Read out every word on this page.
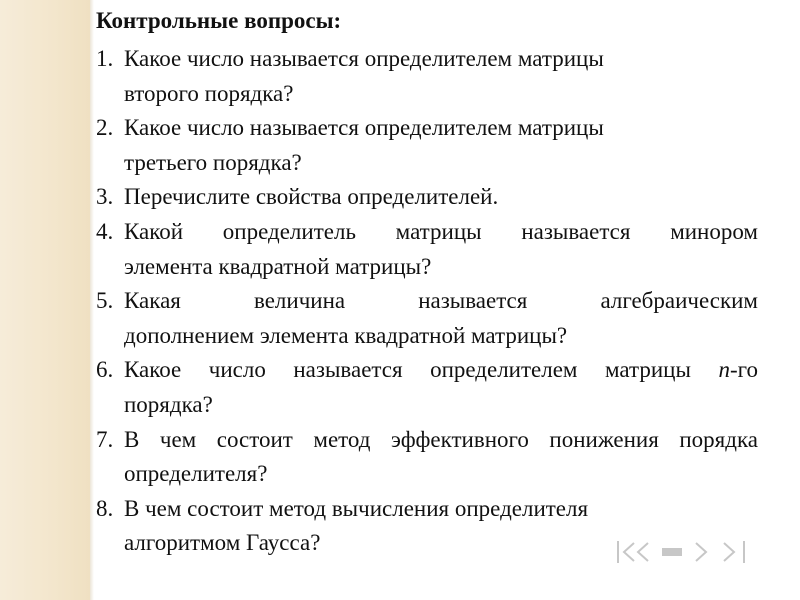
Контрольные вопросы:
1. Какое число называется определителем матрицы
второго порядка?
2. Какое число называется определителем матрицы
третьего порядка?
3. Перечислите свойства определителей.
4. Какой определитель матрицы называется минором
элемента квадратной матрицы?
5. Какая величина называется алгебраическим
дополнением элемента квадратной матрицы?
6. Какое число называется определителем матрицы n-го
порядка?
7. В чем состоит метод эффективного понижения порядка
определителя?
8. В чем состоит метод вычисления определителя
алгоритмом Гаусса?
